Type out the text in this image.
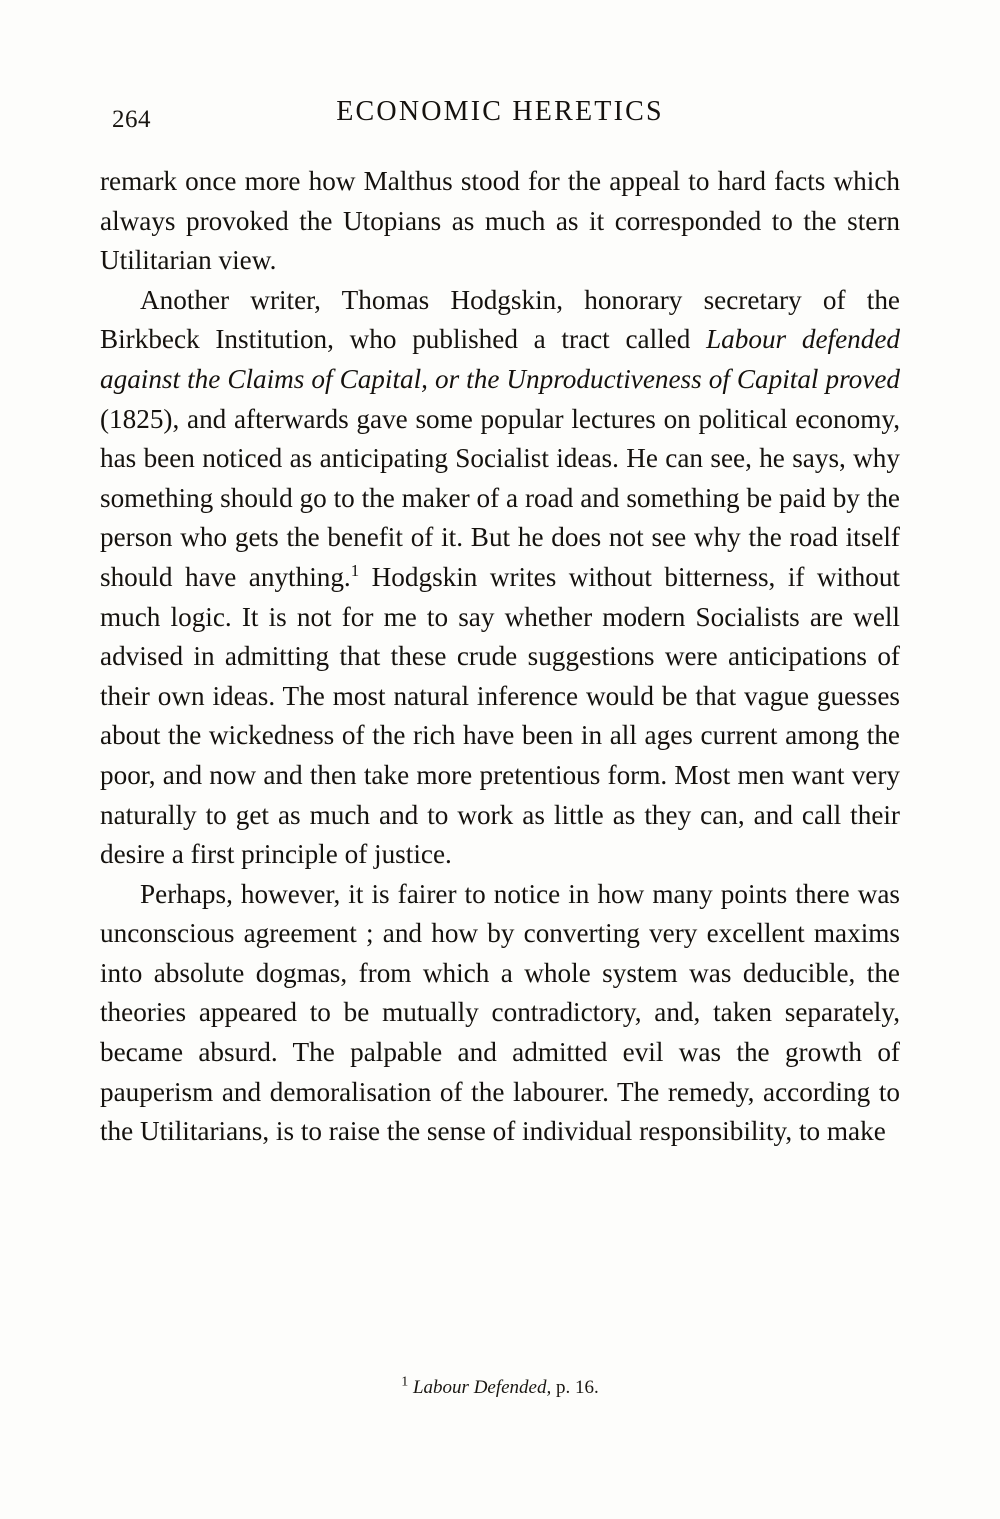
264	ECONOMIC HERETICS

remark once more how Malthus stood for the appeal to hard facts which always provoked the Utopians as much as it corresponded to the stern Utilitarian view.

Another writer, Thomas Hodgskin, honorary secretary of the Birkbeck Institution, who published a tract called Labour defended against the Claims of Capital, or the Unproductiveness of Capital proved (1825), and afterwards gave some popular lectures on political economy, has been noticed as anticipating Socialist ideas. He can see, he says, why something should go to the maker of a road and something be paid by the person who gets the benefit of it. But he does not see why the road itself should have anything.$^1$ Hodgskin writes without bitterness, if without much logic. It is not for me to say whether modern Socialists are well advised in admitting that these crude suggestions were anticipations of their own ideas. The most natural inference would be that vague guesses about the wickedness of the rich have been in all ages current among the poor, and now and then take more pretentious form. Most men want very naturally to get as much and to work as little as they can, and call their desire a first principle of justice.

Perhaps, however, it is fairer to notice in how many points there was unconscious agreement ; and how by converting very excellent maxims into absolute dogmas, from which a whole system was deducible, the theories appeared to be mutually contradictory, and, taken separately, became absurd. The palpable and admitted evil was the growth of pauperism and demoralisation of the labourer. The remedy, according to the Utilitarians, is to raise the sense of individual responsibility, to make

$^1$ Labour Defended, p. 16.
